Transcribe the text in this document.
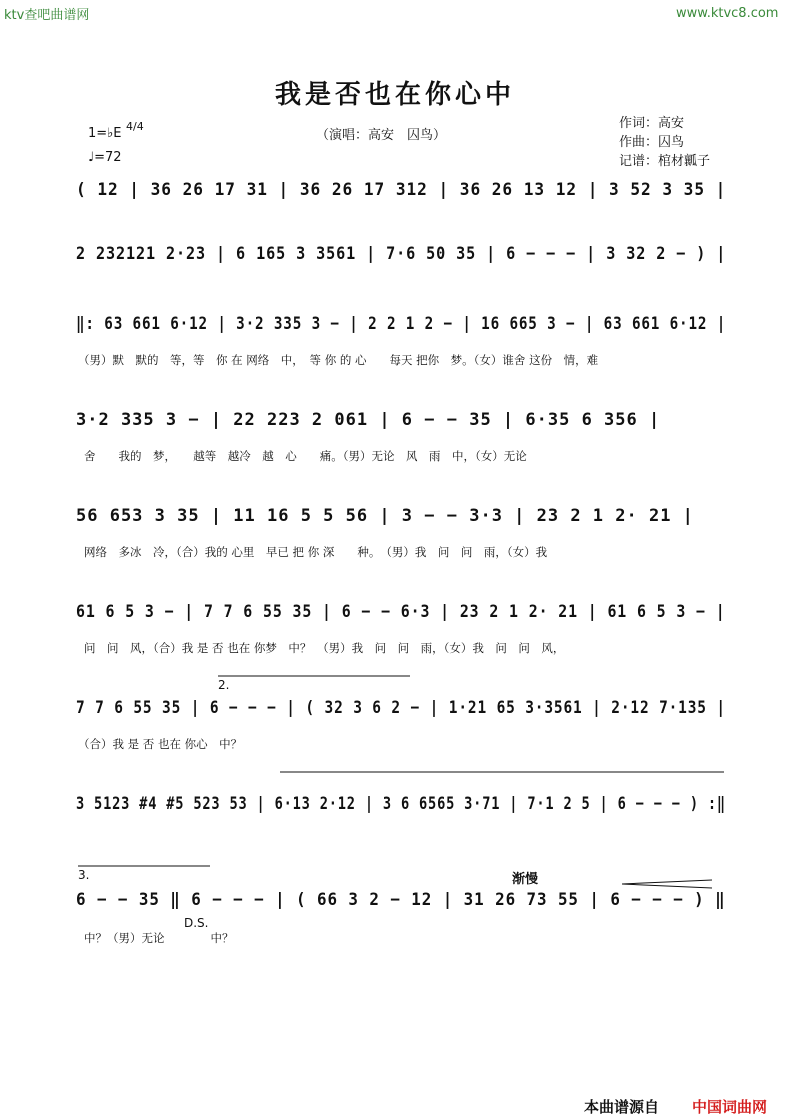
ktv查吧曲谱网	www.ktvc8.com
我是否也在你心中
（演唱：高安　囚鸟）
1=♭E 4/4
♩=72
作词：高安
作曲：囚鸟
记谱：棺材瓤子
( 12 | 36 26 17 31 | 36 26 17 312 | 36 26 13 12 | 3 52 3 35 |
2 232121 2·23 | 6 165 3 3561 | 7·6 50 35 | 6 − − − | 3 32 2 − ) |
‖: 63 661 6·12 | 3·2 335 3 − | 2 2 1 2 − | 16 665 3 − | 63 661 6·12 |
（男）默　默的　等，等　你 在 网络　中，　等 你 的 心　　每天 把你　梦。（女）谁舍 这份　情，难
3·2 335 3 − | 22 223 2 061 | 6 − − 35 | 6·35 6 356 |
舍　　我的　梦，　　越等　越冷　越　心　　痛。（男）无论　风　雨　中，（女）无论
56 653 3 35 | 11 16 5 5 56 | 3 − − 3·3 | 23 2 1 2· 21 |
网络　多冰　冷，（合）我的 心里　早已 把 你 深　　种。　（男）我　问　问　雨，（女）我
61 6 5 3 − | 7 7 6 55 35 | 6 − − 6·3 | 23 2 1 2· 21 | 61 6 5 3 − |
问　问　风，（合）我 是 否 也在 你梦　中？　（男）我　问　问　雨，（女）我　问　问　风，
2.
7 7 6 55 35 | 6 − − − | ( 32 3 6 2 − | 1·21 65 3·3561 | 2·12 7·135 |
（合）我 是 否 也在 你心　中？
3 5123 #4 #5 523 53 | 6·13 2·12 | 3 6 6565 3·71 | 7·1 2 5 | 6 − − − ) :‖
3.	渐慢
6 − − 35 ‖ 6 − − − | ( 66 3 2 − 12 | 31 26 73 55 | 6 − − − ) ‖
D.S.
中？（男）无论　　　　中？
本曲谱源自 中国词曲网
